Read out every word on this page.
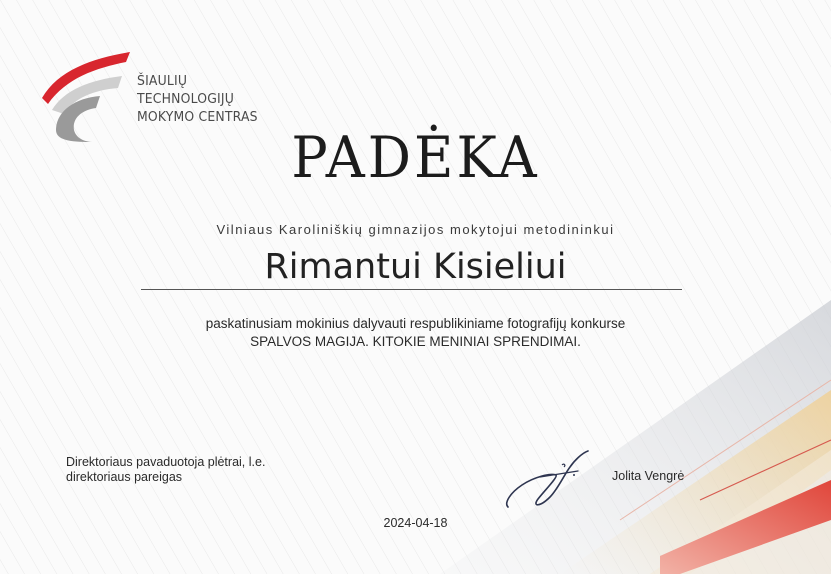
ŠIAULIŲ
TECHNOLOGIJŲ
MOKYMO CENTRAS
PADĖKA
Vilniaus Karoliniškių gimnazijos mokytojui metodininkui
Rimantui Kisieliui
paskatinusiam mokinius dalyvauti respublikiniame fotografijų konkurse
SPALVOS MAGIJA. KITOKIE MENINIAI SPRENDIMAI.
Direktoriaus pavaduotoja plėtrai, l.e.
direktoriaus pareigas	Jolita Vengrė
2024-04-18
